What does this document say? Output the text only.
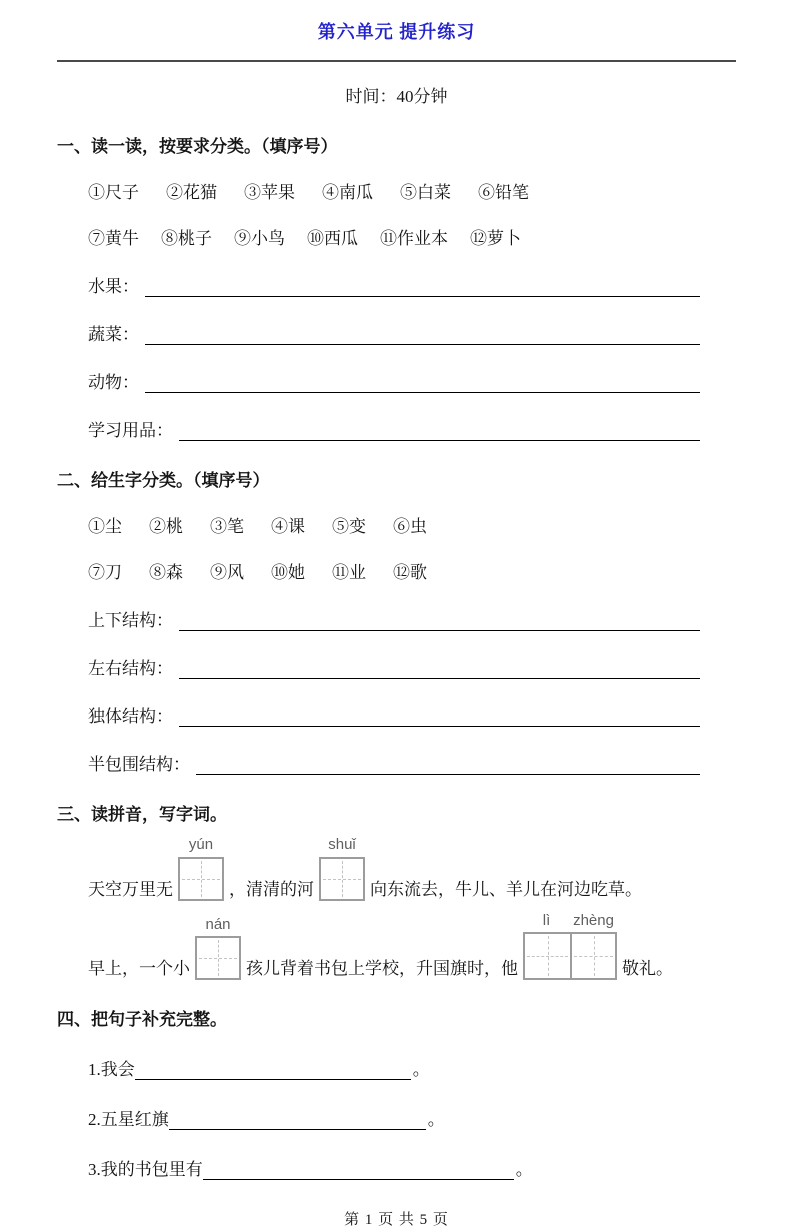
第六单元 提升练习
时间：40分钟
一、读一读，按要求分类。（填序号）
①尺子 ②花猫 ③苹果 ④南瓜 ⑤白菜 ⑥铅笔
⑦黄牛 ⑧桃子 ⑨小鸟 ⑩西瓜 ⑪作业本 ⑫萝卜
水果：
蔬菜：
动物：
学习用品：
二、给生字分类。（填序号）
①尘 ②桃 ③笔 ④课 ⑤变 ⑥虫
⑦刀 ⑧森 ⑨风 ⑩她 ⑪业 ⑫歌
上下结构：
左右结构：
独体结构：
半包围结构：
三、读拼音，写字词。
天空万里无
yún
，清清的河
shuǐ
向东流去，牛儿、羊儿在河边吃草。
早上，一个小
nán
孩儿背着书包上学校，升国旗时，他
lì	zhèng
敬礼。
四、把句子补充完整。
1.我会	。
2.五星红旗	。
3.我的书包里有	。
第 1 页 共 5 页
